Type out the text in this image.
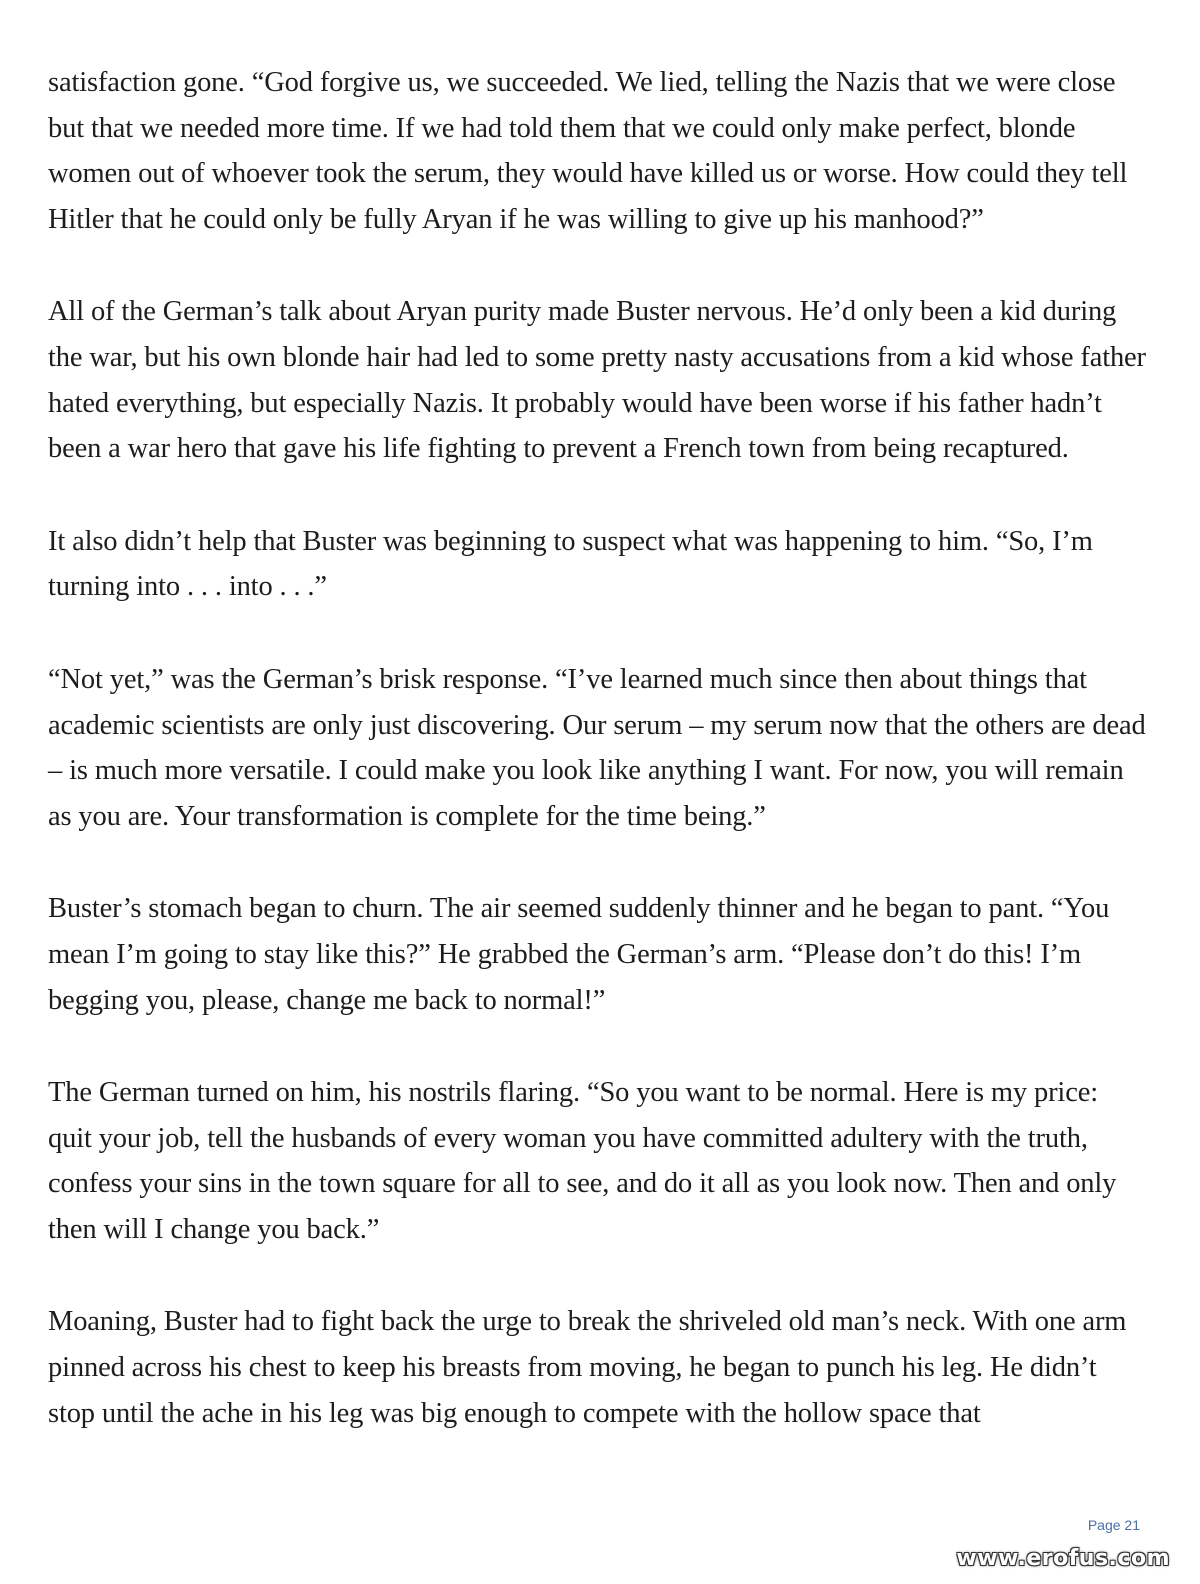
satisfaction gone. “God forgive us, we succeeded. We lied, telling the Nazis that we were close but that we needed more time. If we had told them that we could only make perfect, blonde women out of whoever took the serum, they would have killed us or worse. How could they tell Hitler that he could only be fully Aryan if he was willing to give up his manhood?”

All of the German’s talk about Aryan purity made Buster nervous. He’d only been a kid during the war, but his own blonde hair had led to some pretty nasty accusations from a kid whose father hated everything, but especially Nazis. It probably would have been worse if his father hadn’t been a war hero that gave his life fighting to prevent a French town from being recaptured.

It also didn’t help that Buster was beginning to suspect what was happening to him. “So, I’m turning into . . . into . . .”

“Not yet,” was the German’s brisk response. “I’ve learned much since then about things that academic scientists are only just discovering. Our serum – my serum now that the others are dead – is much more versatile. I could make you look like anything I want. For now, you will remain as you are. Your transformation is complete for the time being.”

Buster’s stomach began to churn. The air seemed suddenly thinner and he began to pant. “You mean I’m going to stay like this?” He grabbed the German’s arm. “Please don’t do this! I’m begging you, please, change me back to normal!”

The German turned on him, his nostrils flaring. “So you want to be normal. Here is my price: quit your job, tell the husbands of every woman you have committed adultery with the truth, confess your sins in the town square for all to see, and do it all as you look now. Then and only then will I change you back.”

Moaning, Buster had to fight back the urge to break the shriveled old man’s neck. With one arm pinned across his chest to keep his breasts from moving, he began to punch his leg. He didn’t stop until the ache in his leg was big enough to compete with the hollow space that

Page 21
www.erofus.com
